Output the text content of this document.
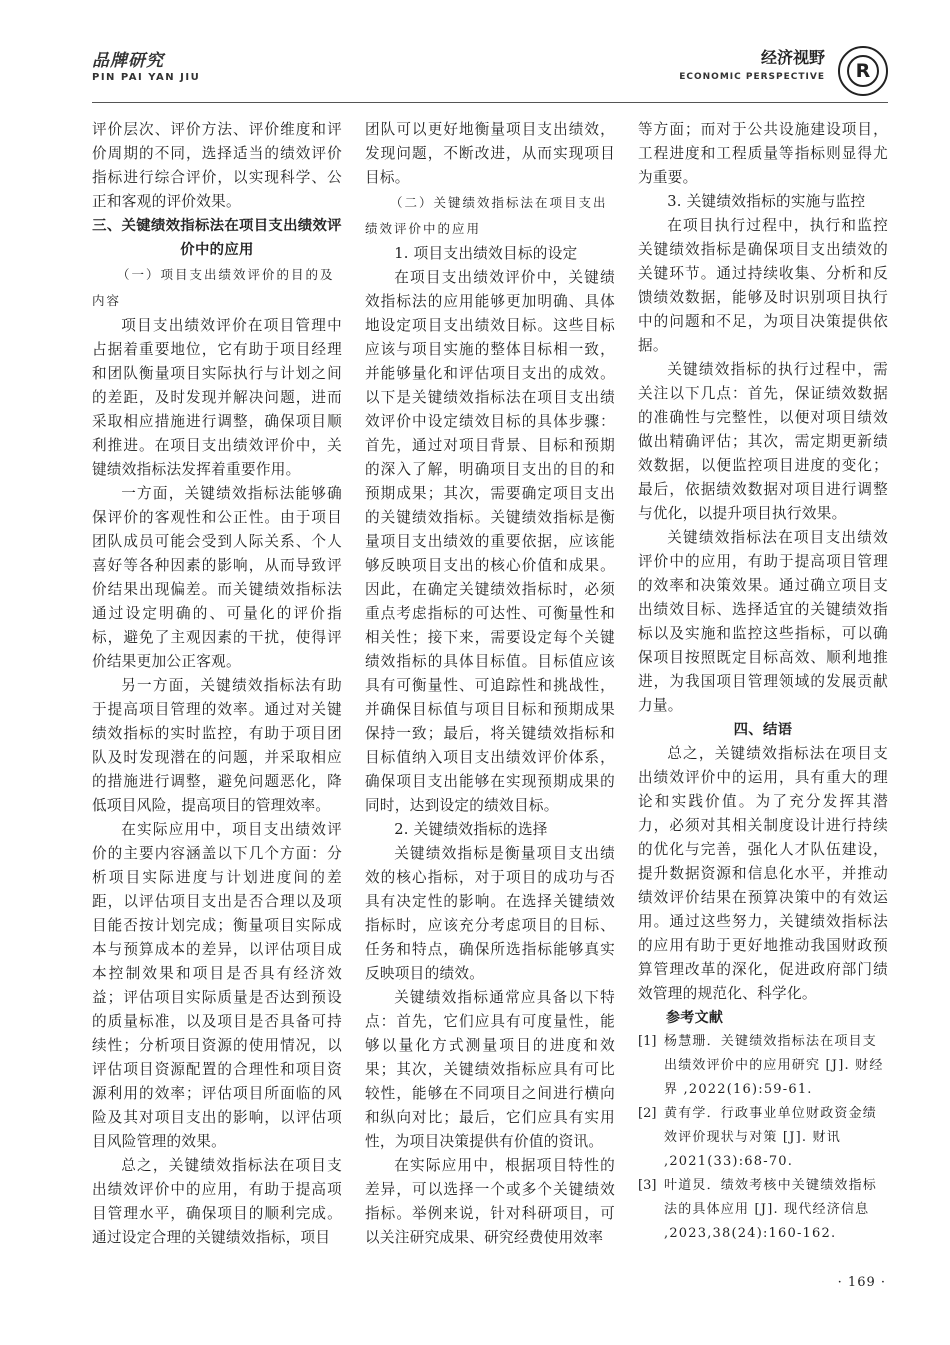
品牌研究
PIN PAI YAN JIU
经济视野
ECONOMIC PERSPECTIVE	R

评价层次、评价方法、评价维度和评价周期的不同，选择适当的绩效评价指标进行综合评价，以实现科学、公正和客观的评价效果。

三、关键绩效指标法在项目支出绩效评价中的应用

（一）项目支出绩效评价的目的及内容

项目支出绩效评价在项目管理中占据着重要地位，它有助于项目经理和团队衡量项目实际执行与计划之间的差距，及时发现并解决问题，进而采取相应措施进行调整，确保项目顺利推进。在项目支出绩效评价中，关键绩效指标法发挥着重要作用。

一方面，关键绩效指标法能够确保评价的客观性和公正性。由于项目团队成员可能会受到人际关系、个人喜好等各种因素的影响，从而导致评价结果出现偏差。而关键绩效指标法通过设定明确的、可量化的评价指标，避免了主观因素的干扰，使得评价结果更加公正客观。

另一方面，关键绩效指标法有助于提高项目管理的效率。通过对关键绩效指标的实时监控，有助于项目团队及时发现潜在的问题，并采取相应的措施进行调整，避免问题恶化，降低项目风险，提高项目的管理效率。

在实际应用中，项目支出绩效评价的主要内容涵盖以下几个方面：分析项目实际进度与计划进度间的差距，以评估项目支出是否合理以及项目能否按计划完成；衡量项目实际成本与预算成本的差异，以评估项目成本控制效果和项目是否具有经济效益；评估项目实际质量是否达到预设的质量标准，以及项目是否具备可持续性；分析项目资源的使用情况，以评估项目资源配置的合理性和项目资源利用的效率；评估项目所面临的风险及其对项目支出的影响，以评估项目风险管理的效果。

总之，关键绩效指标法在项目支出绩效评价中的应用，有助于提高项目管理水平，确保项目的顺利完成。通过设定合理的关键绩效指标，项目

团队可以更好地衡量项目支出绩效，发现问题，不断改进，从而实现项目目标。

（二）关键绩效指标法在项目支出绩效评价中的应用

1. 项目支出绩效目标的设定

在项目支出绩效评价中，关键绩效指标法的应用能够更加明确、具体地设定项目支出绩效目标。这些目标应该与项目实施的整体目标相一致，并能够量化和评估项目支出的成效。以下是关键绩效指标法在项目支出绩效评价中设定绩效目标的具体步骤：首先，通过对项目背景、目标和预期的深入了解，明确项目支出的目的和预期成果；其次，需要确定项目支出的关键绩效指标。关键绩效指标是衡量项目支出绩效的重要依据，应该能够反映项目支出的核心价值和成果。因此，在确定关键绩效指标时，必须重点考虑指标的可达性、可衡量性和相关性；接下来，需要设定每个关键绩效指标的具体目标值。目标值应该具有可衡量性、可追踪性和挑战性，并确保目标值与项目目标和预期成果保持一致；最后，将关键绩效指标和目标值纳入项目支出绩效评价体系，确保项目支出能够在实现预期成果的同时，达到设定的绩效目标。

2. 关键绩效指标的选择

关键绩效指标是衡量项目支出绩效的核心指标，对于项目的成功与否具有决定性的影响。在选择关键绩效指标时，应该充分考虑项目的目标、任务和特点，确保所选指标能够真实反映项目的绩效。

关键绩效指标通常应具备以下特点：首先，它们应具有可度量性，能够以量化方式测量项目的进度和效果；其次，关键绩效指标应具有可比较性，能够在不同项目之间进行横向和纵向对比；最后，它们应具有实用性，为项目决策提供有价值的资讯。

在实际应用中，根据项目特性的差异，可以选择一个或多个关键绩效指标。举例来说，针对科研项目，可以关注研究成果、研究经费使用效率

等方面；而对于公共设施建设项目，工程进度和工程质量等指标则显得尤为重要。

3. 关键绩效指标的实施与监控

在项目执行过程中，执行和监控关键绩效指标是确保项目支出绩效的关键环节。通过持续收集、分析和反馈绩效数据，能够及时识别项目执行中的问题和不足，为项目决策提供依据。

关键绩效指标的执行过程中，需关注以下几点：首先，保证绩效数据的准确性与完整性，以便对项目绩效做出精确评估；其次，需定期更新绩效数据，以便监控项目进度的变化；最后，依据绩效数据对项目进行调整与优化，以提升项目执行效果。

关键绩效指标法在项目支出绩效评价中的应用，有助于提高项目管理的效率和决策效果。通过确立项目支出绩效目标、选择适宜的关键绩效指标以及实施和监控这些指标，可以确保项目按照既定目标高效、顺利地推进，为我国项目管理领域的发展贡献力量。

四、结语

总之，关键绩效指标法在项目支出绩效评价中的运用，具有重大的理论和实践价值。为了充分发挥其潜力，必须对其相关制度设计进行持续的优化与完善，强化人才队伍建设，提升数据资源和信息化水平，并推动绩效评价结果在预算决策中的有效运用。通过这些努力，关键绩效指标法的应用有助于更好地推动我国财政预算管理改革的深化，促进政府部门绩效管理的规范化、科学化。

参考文献

[1] 杨慧珊．关键绩效指标法在项目支出绩效评价中的应用研究 [J]. 财经界 ,2022(16):59-61.

[2] 黄有学．行政事业单位财政资金绩效评价现状与对策 [J]. 财讯 ,2021(33):68-70.

[3] 叶道炅．绩效考核中关键绩效指标法的具体应用 [J]. 现代经济信息 ,2023,38(24):160-162.

· 169 ·
